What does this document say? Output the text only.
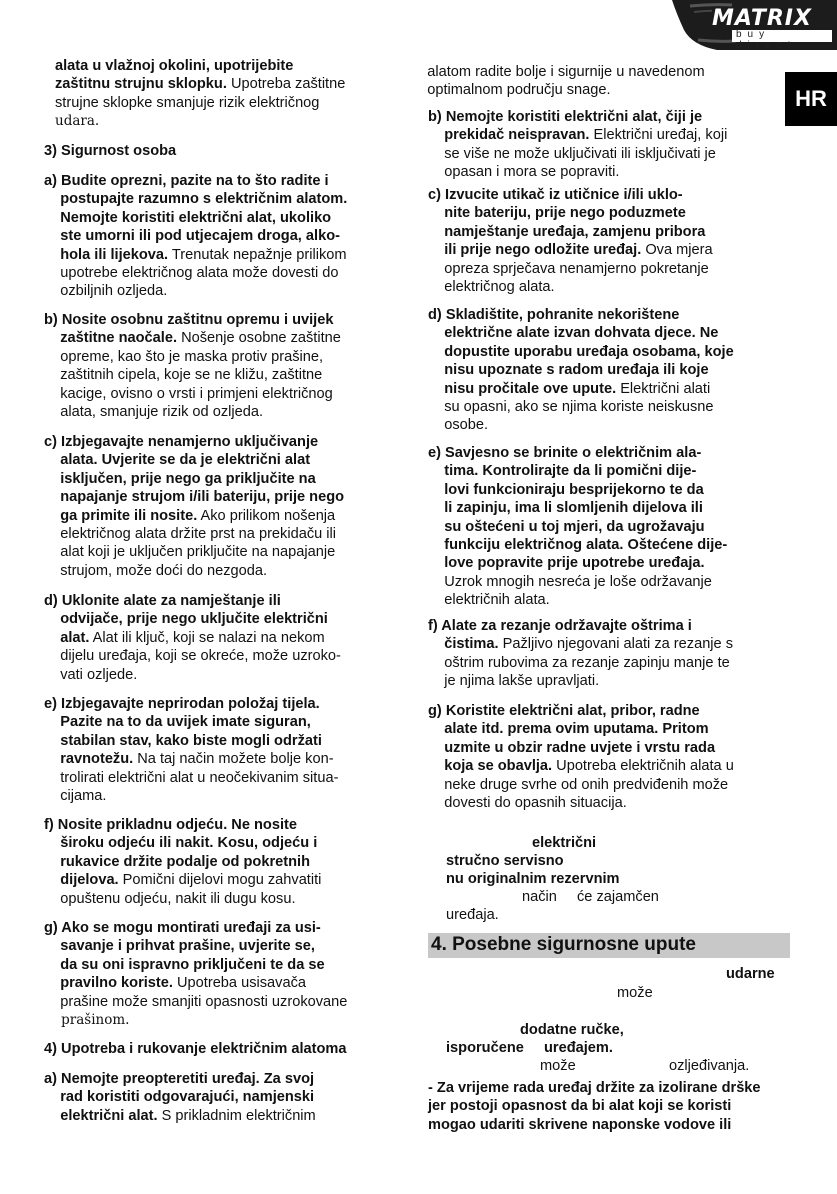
MATRIX
buy direct
HR
alata u vlažnoj okolini, upotrijebite
zaštitnu strujnu sklopku. Upotreba zaštitne
strujne sklopke smanjuje rizik električnog
udara.
3) Sigurnost osoba
a) Budite oprezni, pazite na to što radite i
postupajte razumno s električnim alatom.
Nemojte koristiti električni alat, ukoliko
ste umorni ili pod utjecajem droga, alko-
hola ili lijekova. Trenutak nepažnje prilikom
upotrebe električnog alata može dovesti do
ozbiljnih ozljeda.
b) Nosite osobnu zaštitnu opremu i uvijek
zaštitne naočale. Nošenje osobne zaštitne
opreme, kao što je maska protiv prašine,
zaštitnih cipela, koje se ne kližu, zaštitne
kacige, ovisno o vrsti i primjeni električnog
alata, smanjuje rizik od ozljeda.
c) Izbjegavajte nenamjerno uključivanje
alata. Uvjerite se da je električni alat
isključen, prije nego ga priključite na
napajanje strujom i/ili bateriju, prije nego
ga primite ili nosite. Ako prilikom nošenja
električnog alata držite prst na prekidaču ili
alat koji je uključen priključite na napajanje
strujom, može doći do nezgoda.
d) Uklonite alate za namještanje ili
odvijače, prije nego uključite električni
alat. Alat ili ključ, koji se nalazi na nekom
dijelu uređaja, koji se okreće, može uzroko-
vati ozljede.
e) Izbjegavajte neprirodan položaj tijela.
Pazite na to da uvijek imate siguran,
stabilan stav, kako biste mogli održati
ravnotežu. Na taj način možete bolje kon-
trolirati električni alat u neočekivanim situa-
cijama.
f) Nosite prikladnu odjeću. Ne nosite
široku odjeću ili nakit. Kosu, odjeću i
rukavice držite podalje od pokretnih
dijelova. Pomični dijelovi mogu zahvatiti
opuštenu odjeću, nakit ili dugu kosu.
g) Ako se mogu montirati uređaji za usi-
savanje i prihvat prašine, uvjerite se,
da su oni ispravno priključeni te da se
pravilno koriste. Upotreba usisavača
prašine može smanjiti opasnosti uzrokovane
prašinom.
4) Upotreba i rukovanje električnim alatoma
a) Nemojte preopteretiti uređaj. Za svoj
rad koristiti odgovarajući, namjenski
električni alat. S prikladnim električnim
alatom radite bolje i sigurnije u navedenom
optimalnom području snage.
b) Nemojte koristiti električni alat, čiji je
prekidač neispravan. Električni uređaj, koji
se više ne može uključivati ili isključivati je
opasan i mora se popraviti.
c) Izvucite utikač iz utičnice i/ili uklo-
nite bateriju, prije nego poduzmete
namještanje uređaja, zamjenu pribora
ili prije nego odložite uređaj. Ova mjera
opreza sprječava nenamjerno pokretanje
električnog alata.
d) Skladištite, pohranite nekorištene
električne alate izvan dohvata djece. Ne
dopustite uporabu uređaja osobama, koje
nisu upoznate s radom uređaja ili koje
nisu pročitale ove upute. Električni alati
su opasni, ako se njima koriste neiskusne
osobe.
e) Savjesno se brinite o električnim ala-
tima. Kontrolirajte da li pomični dije-
lovi funkcioniraju besprijekorno te da
li zapinju, ima li slomljenih dijelova ili
su oštećeni u toj mjeri, da ugrožavaju
funkciju električnog alata. Oštećene dije-
love popravite prije upotrebe uređaja.
Uzrok mnogih nesreća je loše održavanje
električnih alata.
f) Alate za rezanje održavajte oštrima i
čistima. Pažljivo njegovani alati za rezanje s
oštrim rubovima za rezanje zapinju manje te
je njima lakše upravljati.
g) Koristite električni alat, pribor, radne
alate itd. prema ovim uputama. Pritom
uzmite u obzir radne uvjete i vrstu rada
koja se obavlja. Upotreba električnih alata u
neke druge svrhe od onih predviđenih može
dovesti do opasnih situacija.
električni
stručno servisno
nu originalnim rezervnim
način će zajamčen
uređaja.
4. Posebne sigurnosne upute
udarne
može
dodatne ručke,
isporučene uređajem.
može	ozljeđivanja.
- Za vrijeme rada uređaj držite za izolirane drške
jer postoji opasnost da bi alat koji se koristi
mogao udariti skrivene naponske vodove ili
